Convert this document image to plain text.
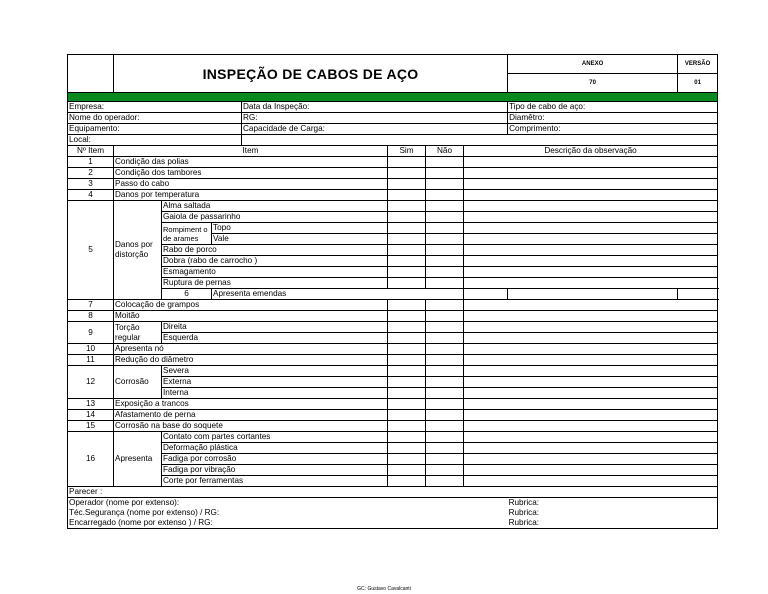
	INSPEÇÃO DE CABOS DE AÇO							ANEXO	VERSÃO
								70	01
Obra:									
Empresa:				Data da Inspeção:				Tipo de cabo de aço:	
Nome do operador:				RG:				Diamêtro:	
Equipamento:				Capacidade de Carga:				Comprimento:	
Local:									
Nº Item	Item				Sim	Não	Descrição da observação		
1	Condição das polias								
2	Condição dos tambores								
3	Passo do cabo								
4	Danos por temperatura								
5	Danos por distorção	Alma saltada							
		Gaiola de passarinho							
		Rompiment o de arames	Topo						
			Vale						
		Rabo de porco							
		Dobra (rabo de carrocho )							
		Esmagamento							
		Ruptura de pernas							
		6	Apresenta emendas						
7	Colocação de grampos								
8	Moitão								
9	Torção regular	Direita							
		Esquerda							
10	Apresenta nó								
11	Redução do diâmetro								
12	Corrosão	Severa							
		Externa							
		Interna							
13	Exposição a trancos								
14	Afastamento de perna								
15	Corrosão na base do soquete								
16	Apresenta	Contato com partes cortantes							
		Deformação plástica							
		Fadiga por corrosão							
		Fadiga por vibração							
		Corte por ferramentas							
Parecer :									
Operador (nome por extenso):								Rubrica:	
Téc.Segurança (nome por extenso) / RG:								Rubrica:	
Encarregado (nome por extenso ) / RG:								Rubrica:	
GC: Gustavo Cavalcanti
